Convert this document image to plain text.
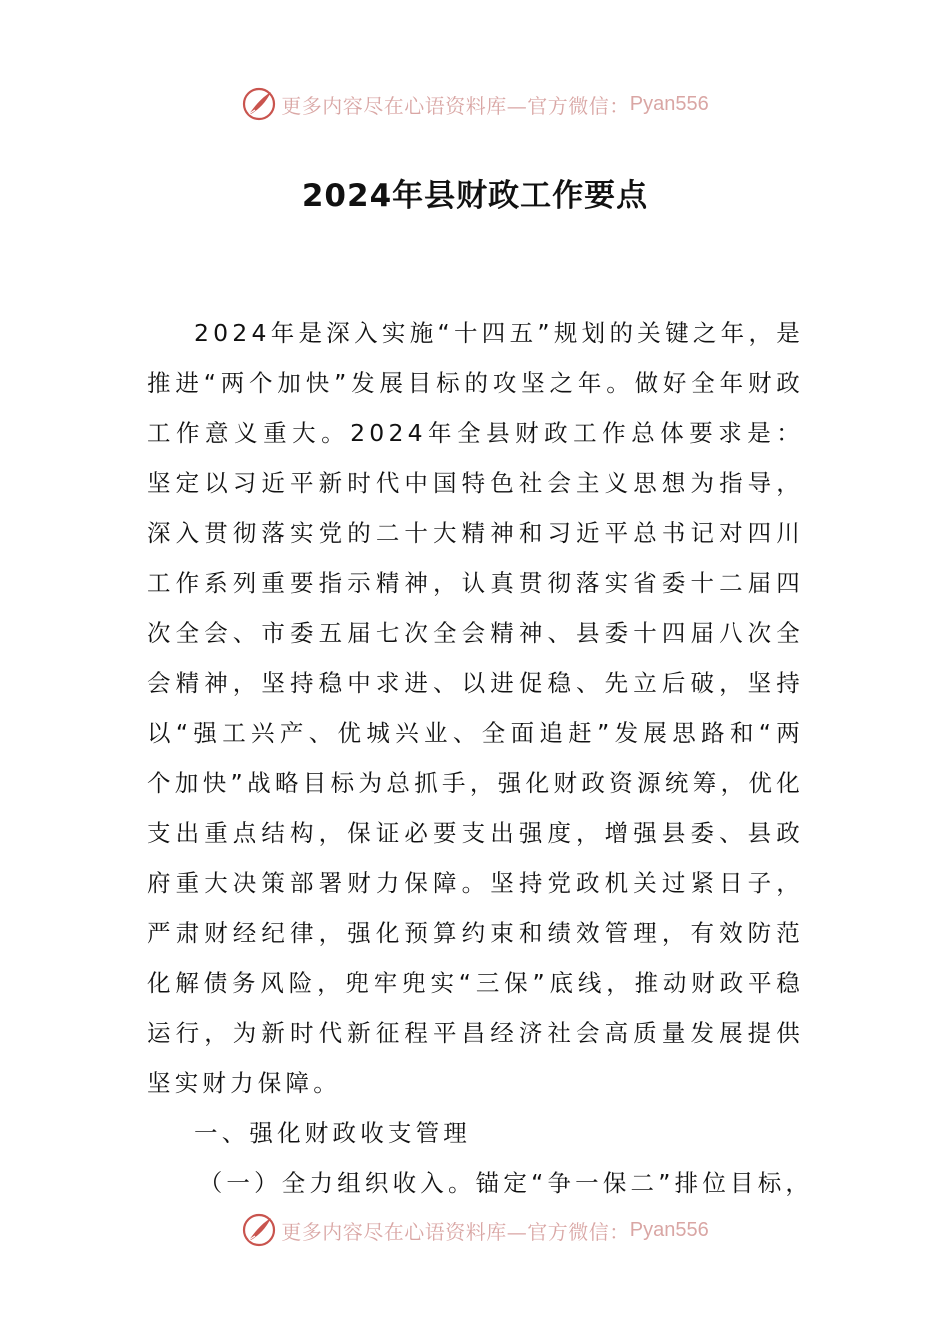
更多内容尽在心语资料库—官方微信： Pyan556
2024年县财政工作要点

2024年是深入实施“十四五”规划的关键之年，是推进“两个加快”发展目标的攻坚之年。做好全年财政工作意义重大。2024年全县财政工作总体要求是：坚定以习近平新时代中国特色社会主义思想为指导，深入贯彻落实党的二十大精神和习近平总书记对四川工作系列重要指示精神，认真贯彻落实省委十二届四次全会、市委五届七次全会精神、县委十四届八次全会精神，坚持稳中求进、以进促稳、先立后破，坚持以“强工兴产、优城兴业、全面追赶”发展思路和“两个加快”战略目标为总抓手，强化财政资源统筹，优化支出重点结构，保证必要支出强度，增强县委、县政府重大决策部署财力保障。坚持党政机关过紧日子，严肃财经纪律，强化预算约束和绩效管理，有效防范化解债务风险，兜牢兜实“三保”底线，推动财政平稳运行，为新时代新征程平昌经济社会高质量发展提供坚实财力保障。

一、强化财政收支管理

（一）全力组织收入。锚定“争一保二”排位目标，

更多内容尽在心语资料库—官方微信： Pyan556
